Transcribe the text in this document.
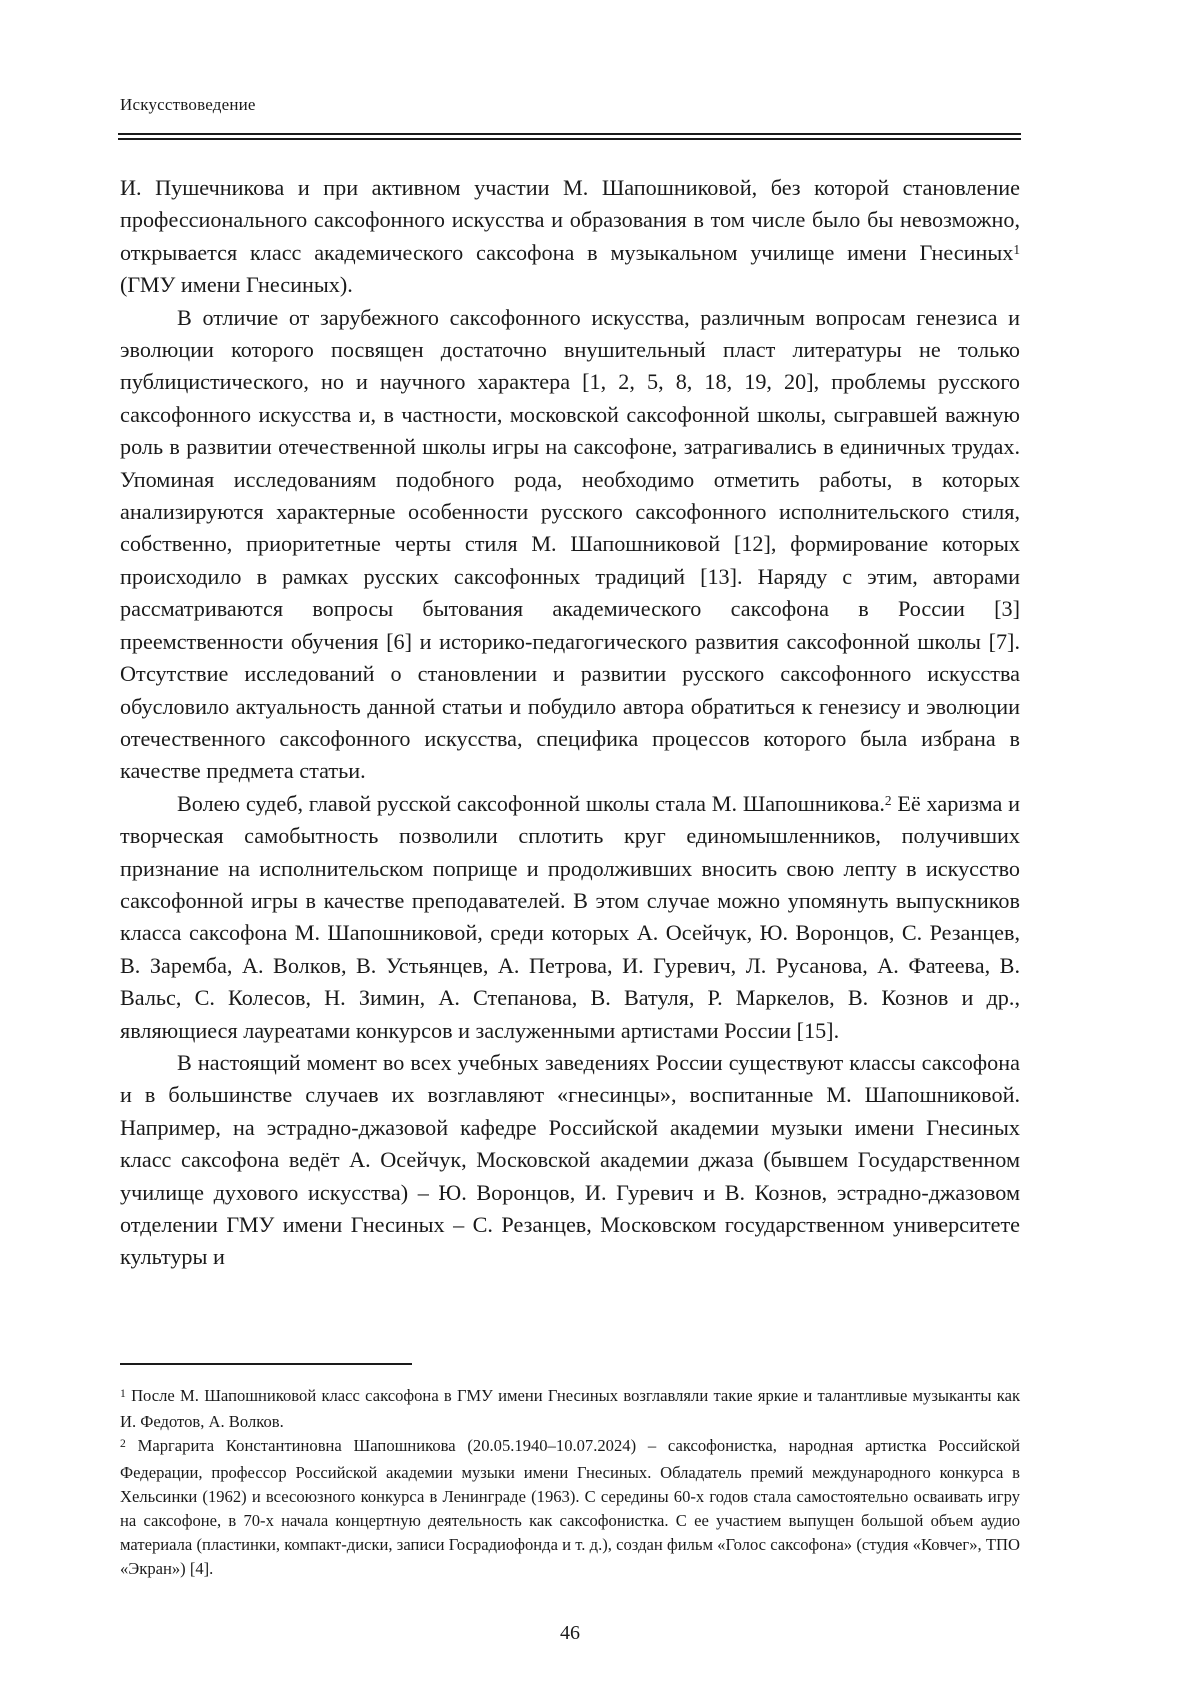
Искусствоведение

И. Пушечникова и при активном участии М. Шапошниковой, без которой становление профессионального саксофонного искусства и образования в том числе было бы невозможно, открывается класс академического саксофона в музыкальном училище имени Гнесиных$^1$ (ГМУ имени Гнесиных).

В отличие от зарубежного саксофонного искусства, различным вопросам генезиса и эволюции которого посвящен достаточно внушительный пласт литературы не только публицистического, но и научного характера [1, 2, 5, 8, 18, 19, 20], проблемы русского саксофонного искусства и, в частности, московской саксофонной школы, сыгравшей важную роль в развитии отечественной школы игры на саксофоне, затрагивались в единичных трудах. Упоминая исследованиям подобного рода, необходимо отметить работы, в которых анализируются характерные особенности русского саксофонного исполнительского стиля, собственно, приоритетные черты стиля М. Шапошниковой [12], формирование которых происходило в рамках русских саксофонных традиций [13]. Наряду с этим, авторами рассматриваются вопросы бытования академического саксофона в России [3] преемственности обучения [6] и историко-педагогического развития саксофонной школы [7]. Отсутствие исследований о становлении и развитии русского саксофонного искусства обусловило актуальность данной статьи и побудило автора обратиться к генезису и эволюции отечественного саксофонного искусства, специфика процессов которого была избрана в качестве предмета статьи.

Волею судеб, главой русской саксофонной школы стала М. Шапошникова.$^2$ Её харизма и творческая самобытность позволили сплотить круг единомышленников, получивших признание на исполнительском поприще и продолживших вносить свою лепту в искусство саксофонной игры в качестве преподавателей. В этом случае можно упомянуть выпускников класса саксофона М. Шапошниковой, среди которых А. Осейчук, Ю. Воронцов, С. Резанцев, В. Заремба, А. Волков, В. Устьянцев, А. Петрова, И. Гуревич, Л. Русанова, А. Фатеева, В. Вальс, С. Колесов, Н. Зимин, А. Степанова, В. Ватуля, Р. Маркелов, В. Кознов и др., являющиеся лауреатами конкурсов и заслуженными артистами России [15].

В настоящий момент во всех учебных заведениях России существуют классы саксофона и в большинстве случаев их возглавляют «гнесинцы», воспитанные М. Шапошниковой. Например, на эстрадно-джазовой кафедре Российской академии музыки имени Гнесиных класс саксофона ведёт А. Осейчук, Московской академии джаза (бывшем Государственном училище духового искусства) – Ю. Воронцов, И. Гуревич и В. Кознов, эстрадно-джазовом отделении ГМУ имени Гнесиных – С. Резанцев, Московском государственном университете культуры и

$^1$ После М. Шапошниковой класс саксофона в ГМУ имени Гнесиных возглавляли такие яркие и талантливые музыканты как И. Федотов, А. Волков.

$^2$ Маргарита Константиновна Шапошникова (20.05.1940–10.07.2024) – саксофонистка, народная артистка Российской Федерации, профессор Российской академии музыки имени Гнесиных. Обладатель премий международного конкурса в Хельсинки (1962) и всесоюзного конкурса в Ленинграде (1963). С середины 60-х годов стала самостоятельно осваивать игру на саксофоне, в 70-х начала концертную деятельность как саксофонистка. С ее участием выпущен большой объем аудио материала (пластинки, компакт-диски, записи Госрадиофонда и т. д.), создан фильм «Голос саксофона» (студия «Ковчег», ТПО «Экран») [4].

46
